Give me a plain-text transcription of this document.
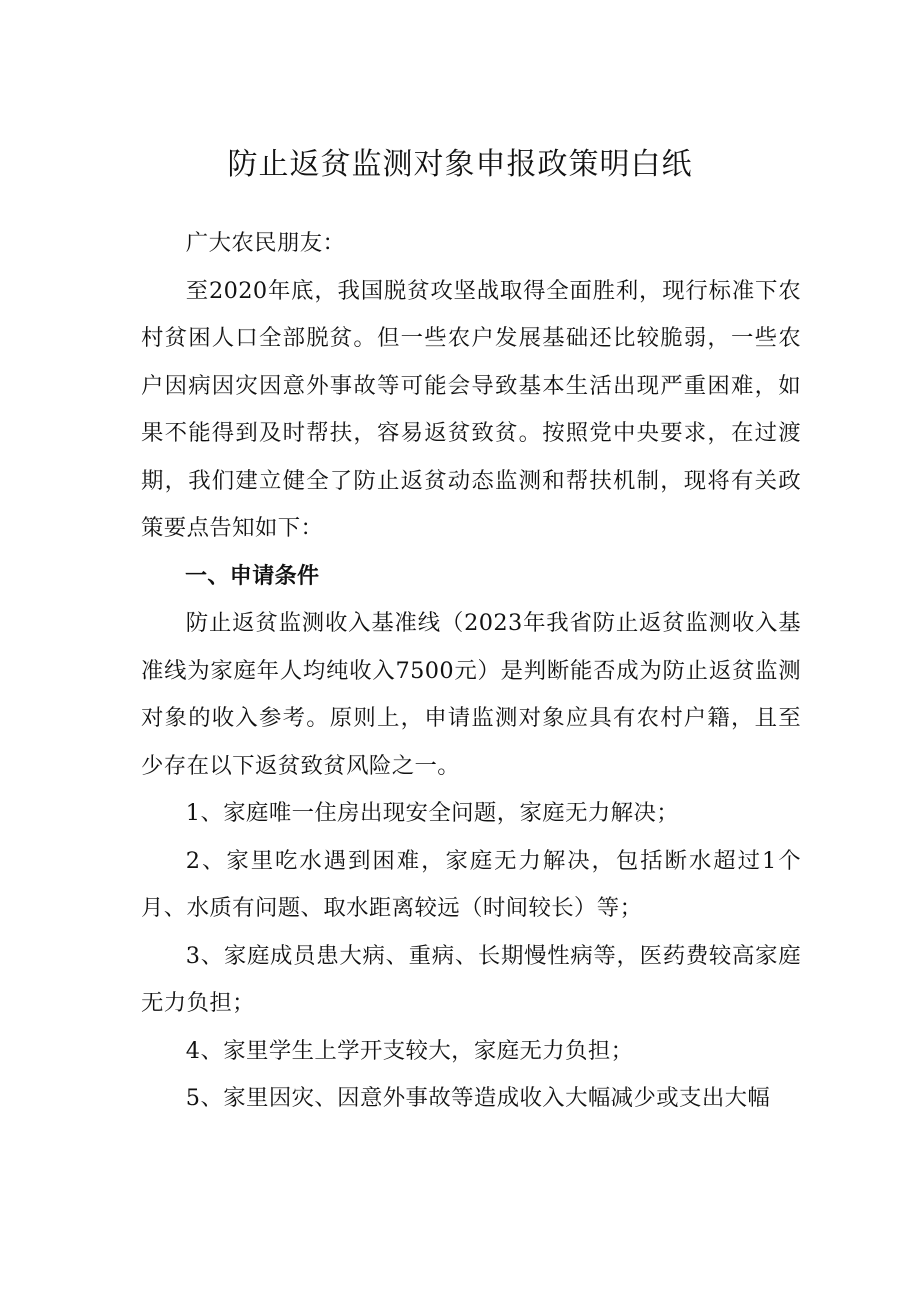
防止返贫监测对象申报政策明白纸

广大农民朋友：

至2020年底，我国脱贫攻坚战取得全面胜利，现行标准下农村贫困人口全部脱贫。但一些农户发展基础还比较脆弱，一些农户因病因灾因意外事故等可能会导致基本生活出现严重困难，如果不能得到及时帮扶，容易返贫致贫。按照党中央要求，在过渡期，我们建立健全了防止返贫动态监测和帮扶机制，现将有关政策要点告知如下：

一、申请条件

防止返贫监测收入基准线（2023年我省防止返贫监测收入基准线为家庭年人均纯收入7500元）是判断能否成为防止返贫监测对象的收入参考。原则上，申请监测对象应具有农村户籍，且至少存在以下返贫致贫风险之一。

1、家庭唯一住房出现安全问题，家庭无力解决；

2、家里吃水遇到困难，家庭无力解决，包括断水超过1个月、水质有问题、取水距离较远（时间较长）等；

3、家庭成员患大病、重病、长期慢性病等，医药费较高家庭无力负担；

4、家里学生上学开支较大，家庭无力负担；

5、家里因灾、因意外事故等造成收入大幅减少或支出大幅
